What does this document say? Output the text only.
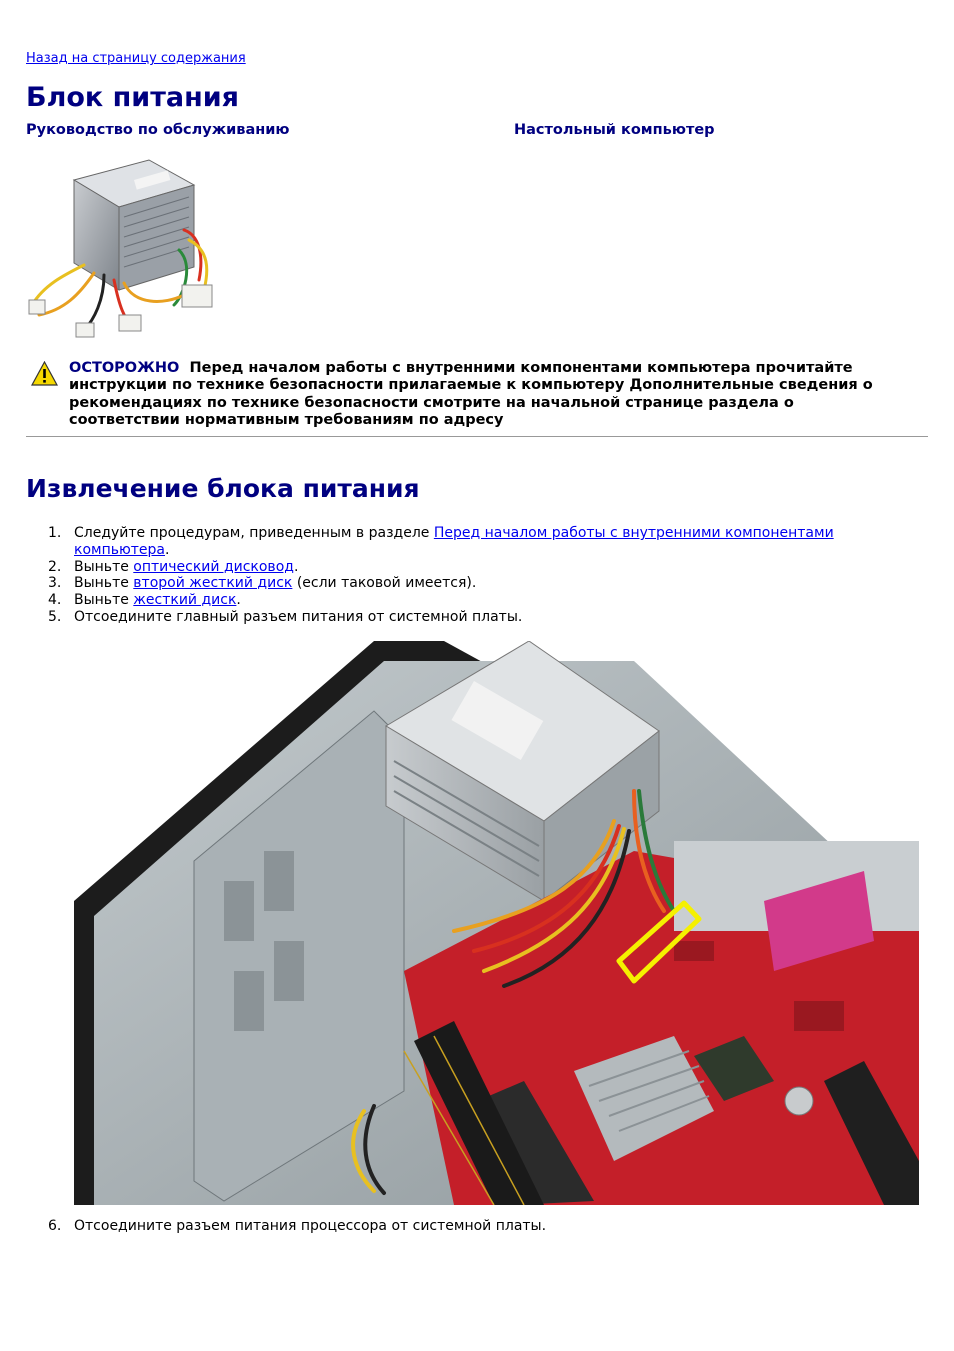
Назад на страницу содержания
Блок питания
Руководство по обслуживанию	Настольный компьютер
ОСТОРОЖНО Перед началом работы с внутренними компонентами компьютера прочитайте инструкции по технике безопасности прилагаемые к компьютеру Дополнительные сведения о рекомендациях по технике безопасности смотрите на начальной странице раздела о соответствии нормативным требованиям по адресу
Извлечение блока питания
1. Следуйте процедурам, приведенным в разделе Перед началом работы с внутренними компонентами компьютера.
2. Выньте оптический дисковод.
3. Выньте второй жесткий диск (если таковой имеется).
4. Выньте жесткий диск.
5. Отсоедините главный разъем питания от системной платы.
6. Отсоедините разъем питания процессора от системной платы.
